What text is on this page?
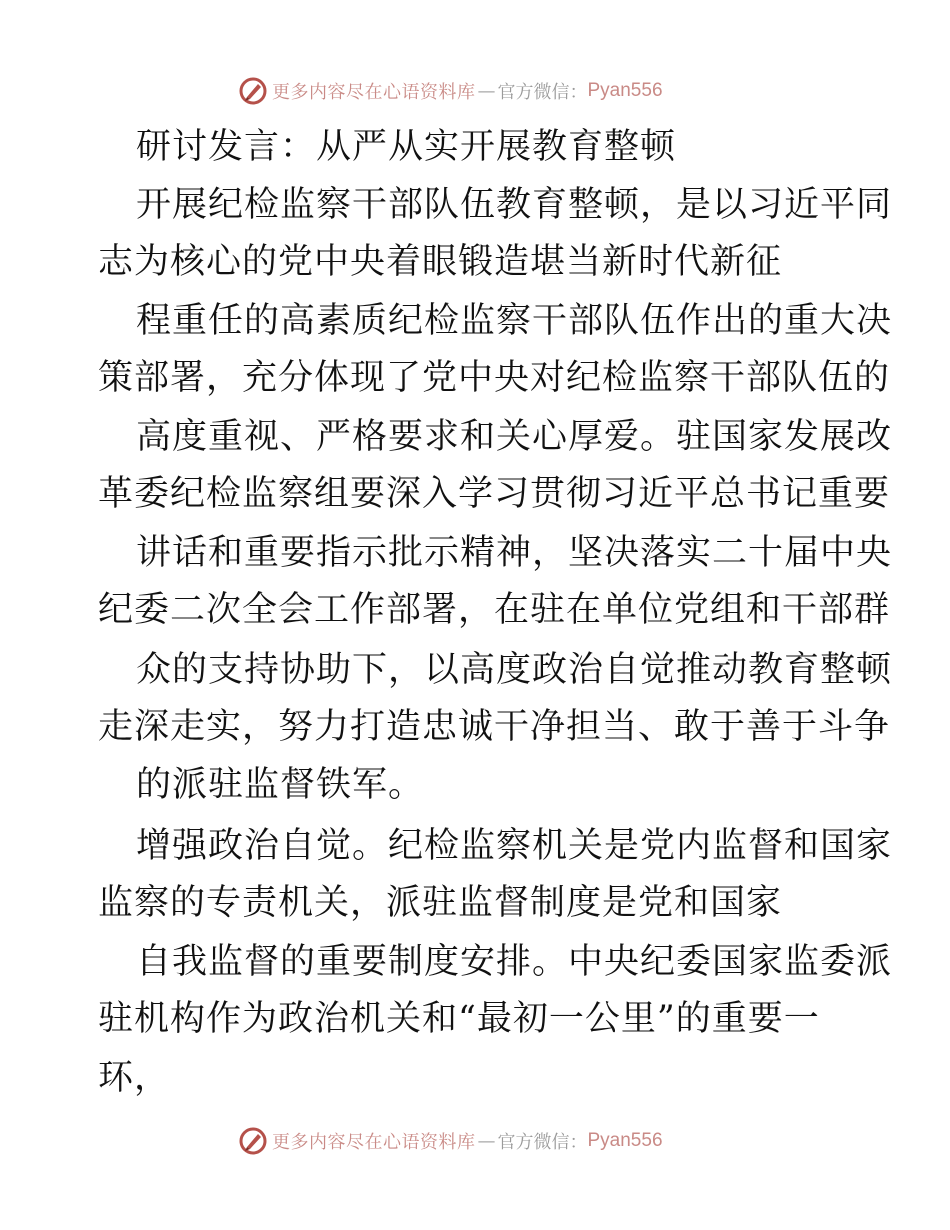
更多内容尽在心语资料库 — 官方微信： Pyan556
研讨发言：从严从实开展教育整顿
开展纪检监察干部队伍教育整顿，是以习近平同
志为核心的党中央着眼锻造堪当新时代新征
程重任的高素质纪检监察干部队伍作出的重大决
策部署，充分体现了党中央对纪检监察干部队伍的
高度重视、严格要求和关心厚爱。驻国家发展改
革委纪检监察组要深入学习贯彻习近平总书记重要
讲话和重要指示批示精神，坚决落实二十届中央
纪委二次全会工作部署，在驻在单位党组和干部群
众的支持协助下，以高度政治自觉推动教育整顿
走深走实，努力打造忠诚干净担当、敢于善于斗争
的派驻监督铁军。
增强政治自觉。纪检监察机关是党内监督和国家
监察的专责机关，派驻监督制度是党和国家
自我监督的重要制度安排。中央纪委国家监委派
驻机构作为政治机关和“最初一公里”的重要一
环，
更多内容尽在心语资料库 — 官方微信： Pyan556
